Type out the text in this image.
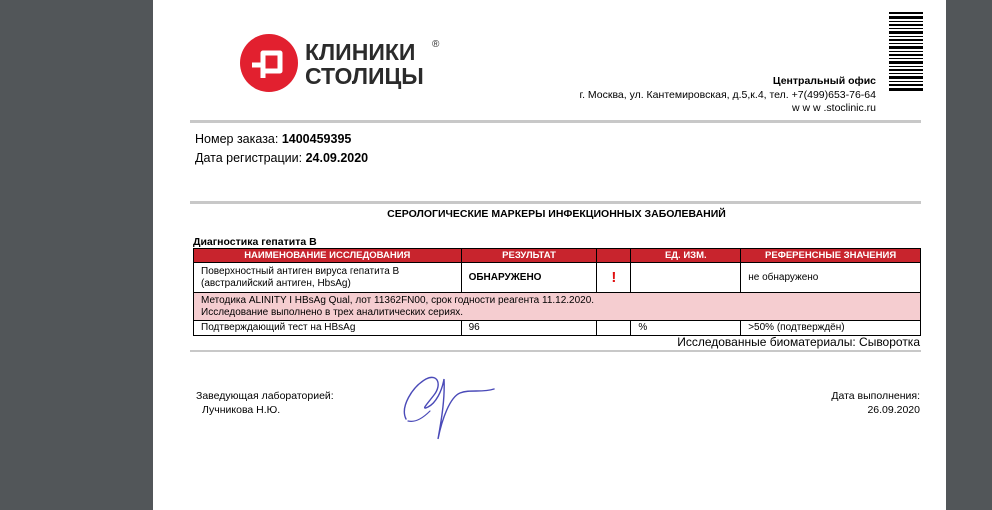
КЛИНИКИ
СТОЛИЦЫ
®
Центральный офис
г. Москва, ул. Кантемировская, д.5,к.4, тел. +7(499)653-76-64
w w w .stoclinic.ru
Номер заказа: 1400459395
Дата регистрации: 24.09.2020
СЕРОЛОГИЧЕСКИЕ МАРКЕРЫ ИНФЕКЦИОННЫХ ЗАБОЛЕВАНИЙ
Диагностика гепатита В
НАИМЕНОВАНИЕ ИССЛЕДОВАНИЯ	РЕЗУЛЬТАТ		ЕД. ИЗМ.	РЕФЕРЕНСНЫЕ ЗНАЧЕНИЯ

Поверхностный антиген вируса гепатита В
(австралийский антиген, HbsAg)	ОБНАРУЖЕНО	!		не обнаружено

Методика ALINITY I HBsAg Qual, лот 11362FN00, срок годности реагента 11.12.2020.
Исследование выполнено в трех аналитических сериях.				

Подтверждающий тест на HBsAg	96		%	>50% (подтверждён)
Исследованные биоматериалы: Сыворотка
Заведующая лабораторией:
Лучникова Н.Ю.
Дата выполнения:
26.09.2020
